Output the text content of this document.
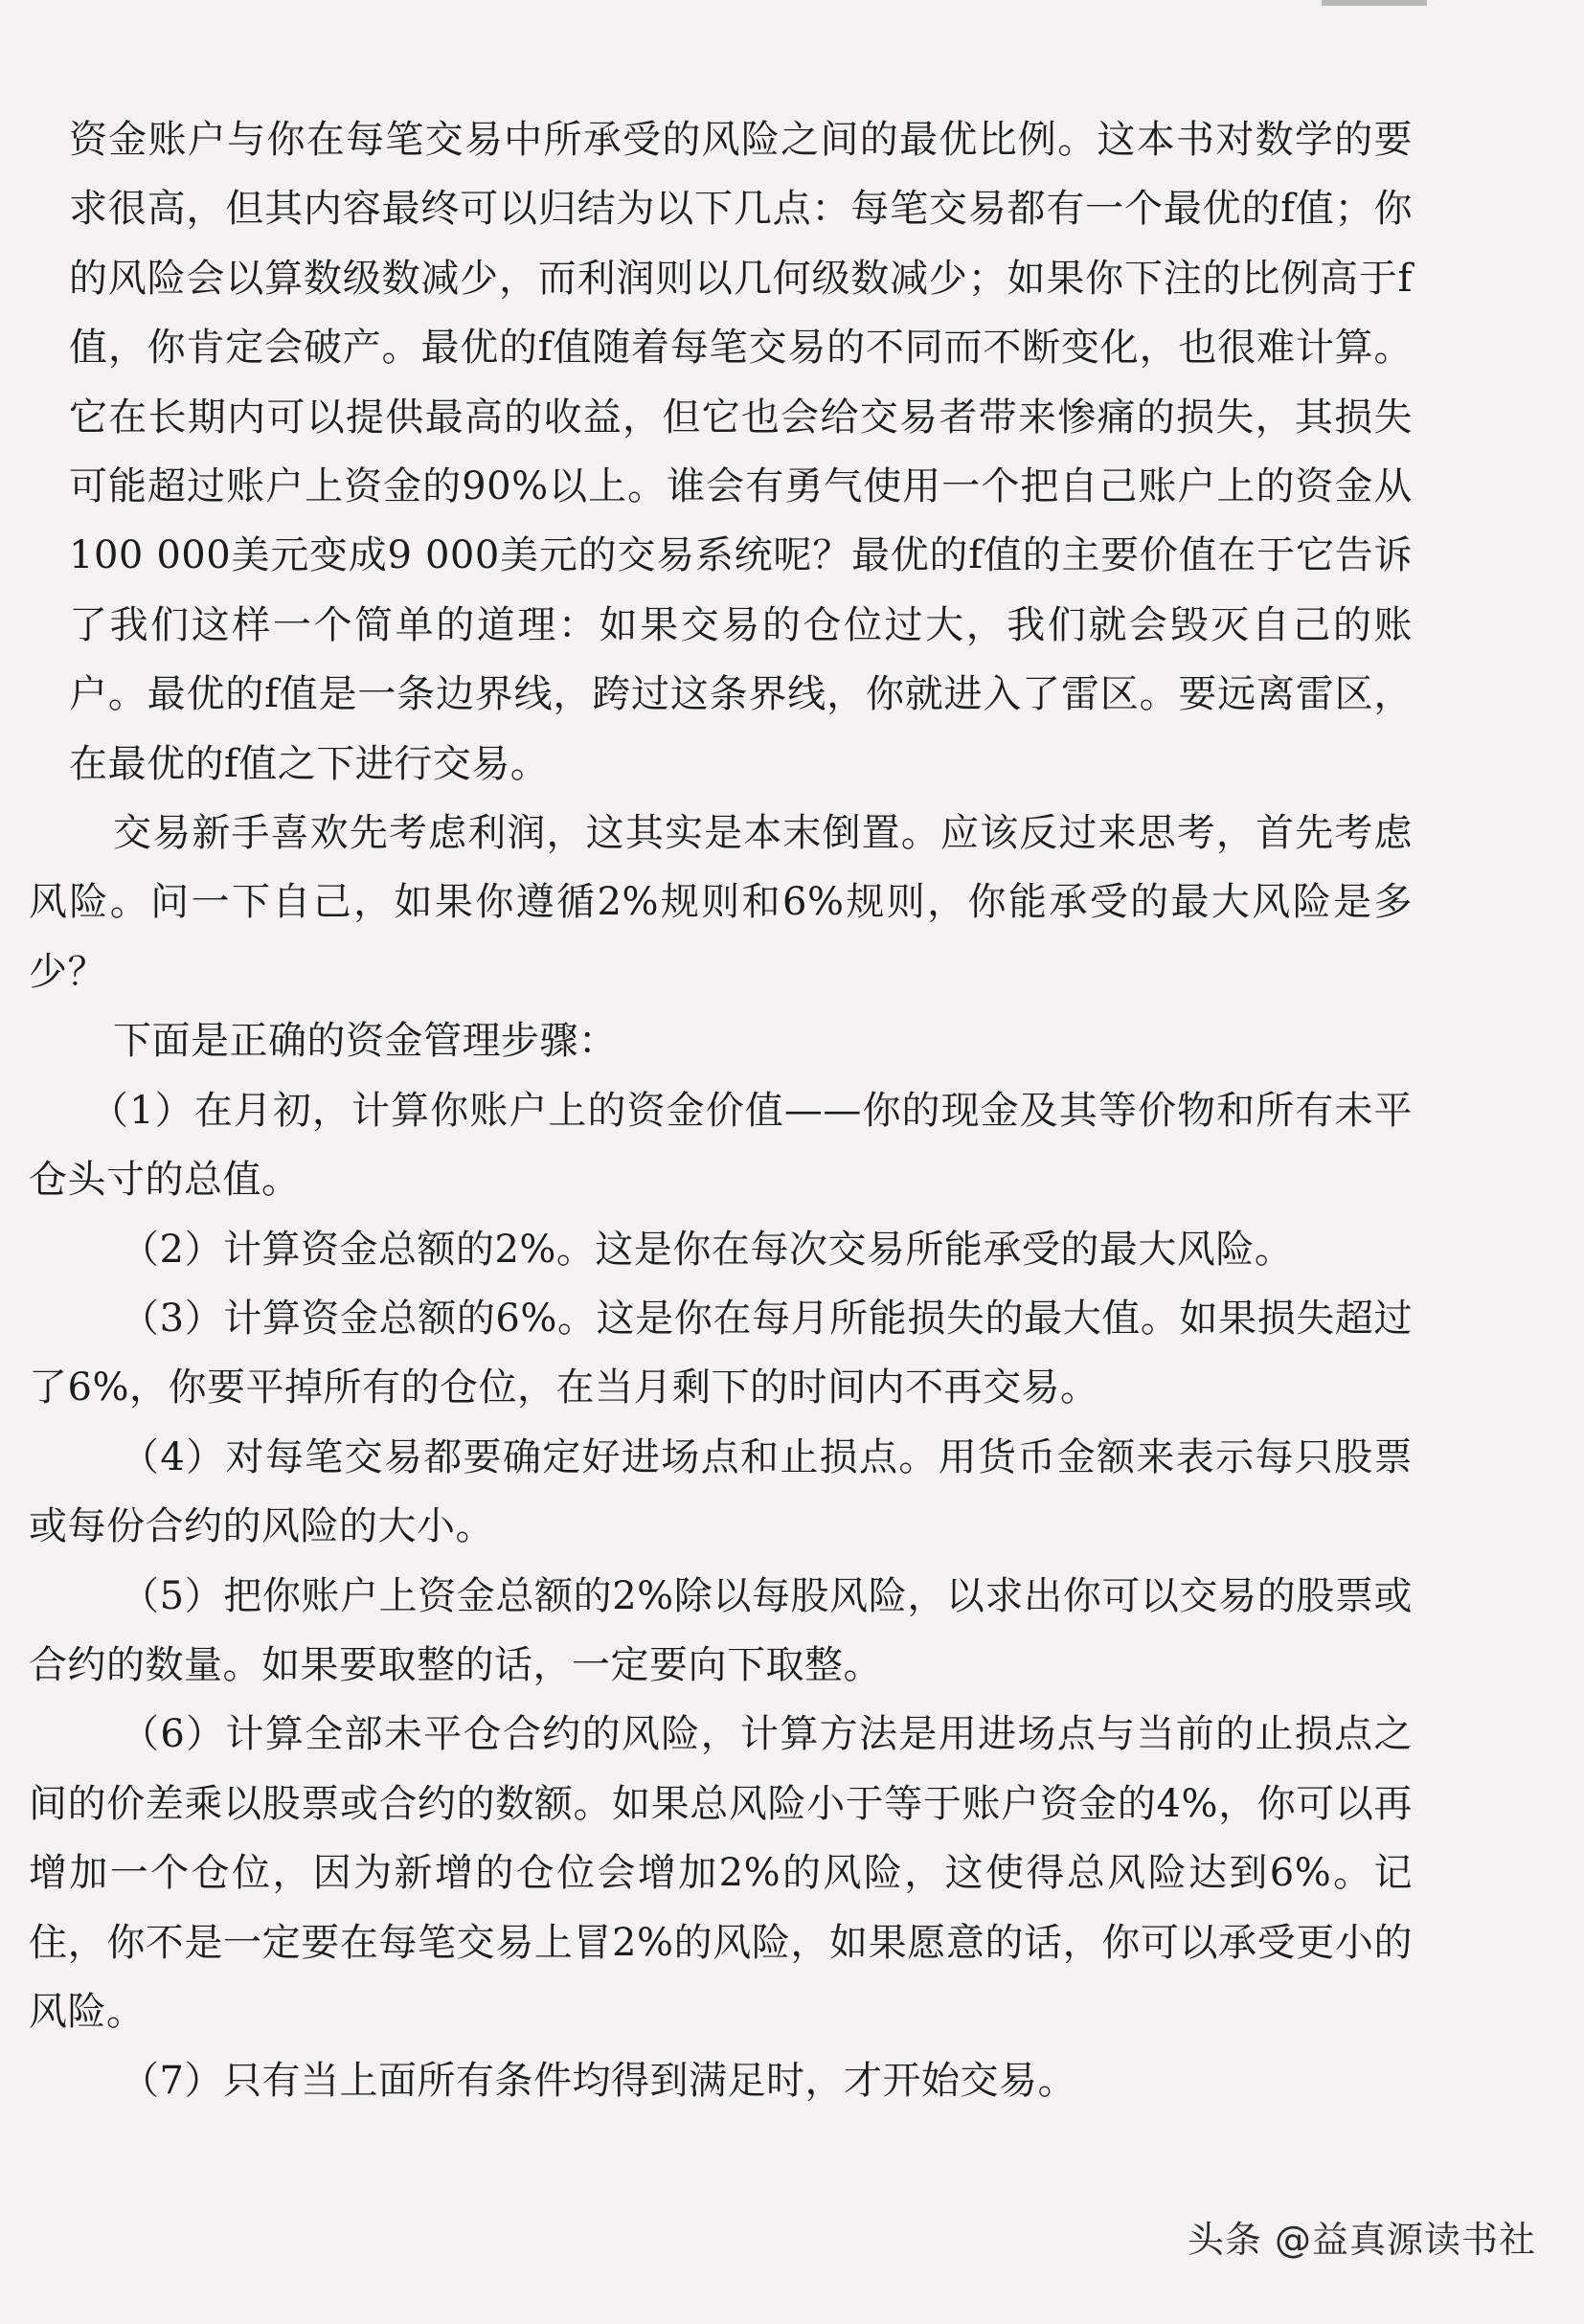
资金账户与你在每笔交易中所承受的风险之间的最优比例。这本书对数学的要求很高，但其内容最终可以归结为以下几点：每笔交易都有一个最优的f值；你的风险会以算数级数减少，而利润则以几何级数减少；如果你下注的比例高于f值，你肯定会破产。最优的f值随着每笔交易的不同而不断变化，也很难计算。它在长期内可以提供最高的收益，但它也会给交易者带来惨痛的损失，其损失可能超过账户上资金的90%以上。谁会有勇气使用一个把自己账户上的资金从100 000美元变成9 000美元的交易系统呢？最优的f值的主要价值在于它告诉了我们这样一个简单的道理：如果交易的仓位过大，我们就会毁灭自己的账户。最优的f值是一条边界线，跨过这条界线，你就进入了雷区。要远离雷区，在最优的f值之下进行交易。

交易新手喜欢先考虑利润，这其实是本末倒置。应该反过来思考，首先考虑风险。问一下自己，如果你遵循2%规则和6%规则，你能承受的最大风险是多少？

下面是正确的资金管理步骤：

（1）在月初，计算你账户上的资金价值——你的现金及其等价物和所有未平仓头寸的总值。

（2）计算资金总额的2%。这是你在每次交易所能承受的最大风险。

（3）计算资金总额的6%。这是你在每月所能损失的最大值。如果损失超过了6%，你要平掉所有的仓位，在当月剩下的时间内不再交易。

（4）对每笔交易都要确定好进场点和止损点。用货币金额来表示每只股票或每份合约的风险的大小。

（5）把你账户上资金总额的2%除以每股风险，以求出你可以交易的股票或合约的数量。如果要取整的话，一定要向下取整。

（6）计算全部未平仓合约的风险，计算方法是用进场点与当前的止损点之间的价差乘以股票或合约的数额。如果总风险小于等于账户资金的4%，你可以再增加一个仓位，因为新增的仓位会增加2%的风险，这使得总风险达到6%。记住，你不是一定要在每笔交易上冒2%的风险，如果愿意的话，你可以承受更小的风险。

（7）只有当上面所有条件均得到满足时，才开始交易。

头条 @益真源读书社
